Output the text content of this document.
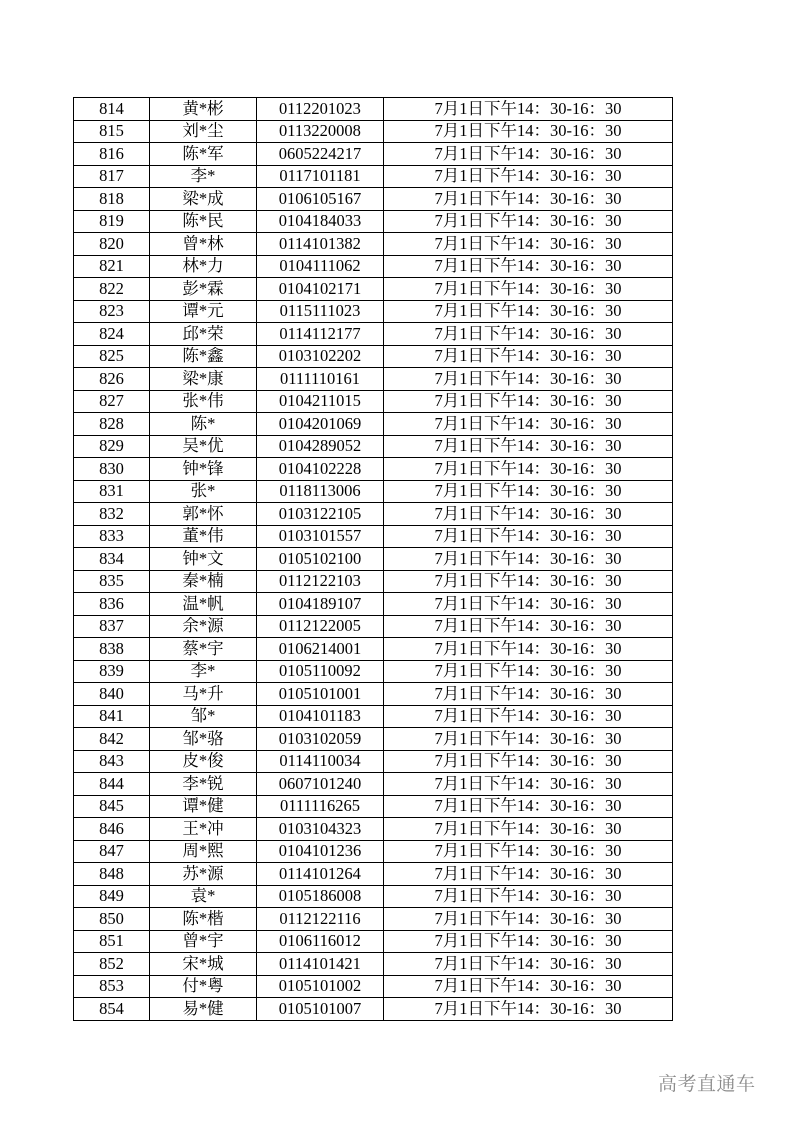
814	黄*彬	0112201023	7月1日下午14：30-16：30
815	刘*尘	0113220008	7月1日下午14：30-16：30
816	陈*军	0605224217	7月1日下午14：30-16：30
817	李*	0117101181	7月1日下午14：30-16：30
818	梁*成	0106105167	7月1日下午14：30-16：30
819	陈*民	0104184033	7月1日下午14：30-16：30
820	曾*林	0114101382	7月1日下午14：30-16：30
821	林*力	0104111062	7月1日下午14：30-16：30
822	彭*霖	0104102171	7月1日下午14：30-16：30
823	谭*元	0115111023	7月1日下午14：30-16：30
824	邱*荣	0114112177	7月1日下午14：30-16：30
825	陈*鑫	0103102202	7月1日下午14：30-16：30
826	梁*康	0111110161	7月1日下午14：30-16：30
827	张*伟	0104211015	7月1日下午14：30-16：30
828	陈*	0104201069	7月1日下午14：30-16：30
829	吴*优	0104289052	7月1日下午14：30-16：30
830	钟*锋	0104102228	7月1日下午14：30-16：30
831	张*	0118113006	7月1日下午14：30-16：30
832	郭*怀	0103122105	7月1日下午14：30-16：30
833	董*伟	0103101557	7月1日下午14：30-16：30
834	钟*文	0105102100	7月1日下午14：30-16：30
835	秦*楠	0112122103	7月1日下午14：30-16：30
836	温*帆	0104189107	7月1日下午14：30-16：30
837	余*源	0112122005	7月1日下午14：30-16：30
838	蔡*宇	0106214001	7月1日下午14：30-16：30
839	李*	0105110092	7月1日下午14：30-16：30
840	马*升	0105101001	7月1日下午14：30-16：30
841	邹*	0104101183	7月1日下午14：30-16：30
842	邹*骆	0103102059	7月1日下午14：30-16：30
843	皮*俊	0114110034	7月1日下午14：30-16：30
844	李*锐	0607101240	7月1日下午14：30-16：30
845	谭*健	0111116265	7月1日下午14：30-16：30
846	王*冲	0103104323	7月1日下午14：30-16：30
847	周*熙	0104101236	7月1日下午14：30-16：30
848	苏*源	0114101264	7月1日下午14：30-16：30
849	袁*	0105186008	7月1日下午14：30-16：30
850	陈*楷	0112122116	7月1日下午14：30-16：30
851	曾*宇	0106116012	7月1日下午14：30-16：30
852	宋*城	0114101421	7月1日下午14：30-16：30
853	付*粤	0105101002	7月1日下午14：30-16：30
854	易*健	0105101007	7月1日下午14：30-16：30
高考直通车
